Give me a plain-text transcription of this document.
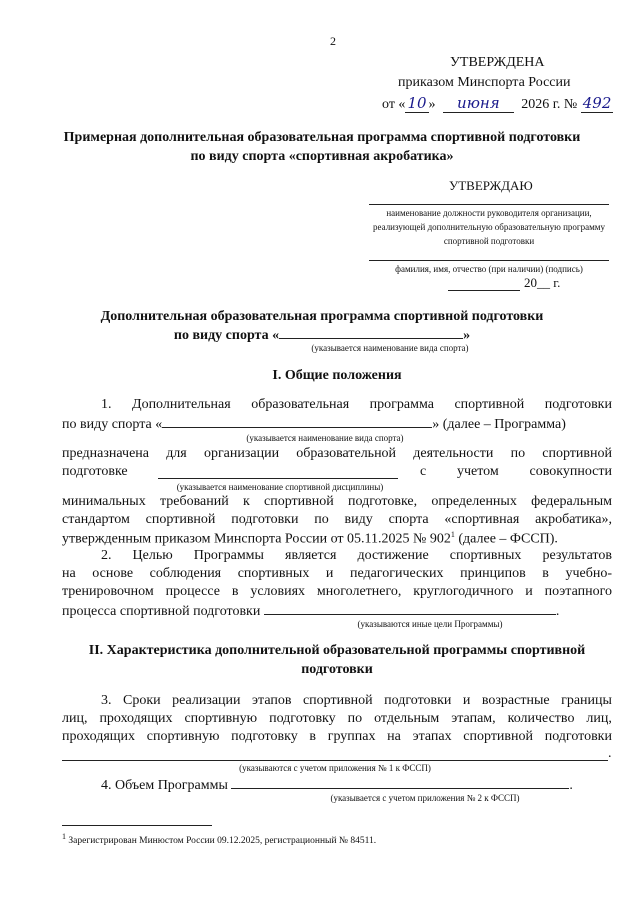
2
УТВЕРЖДЕНА
приказом Минспорта России
от « 10 » июня 2026 г. № 492
Примерная дополнительная образовательная программа спортивной подготовки по виду спорта «спортивная акробатика»
УТВЕРЖДАЮ
наименование должности руководителя организации, реализующей дополнительную образовательную программу спортивной подготовки
фамилия, имя, отчество (при наличии) (подпись)
20__ г.
Дополнительная образовательная программа спортивной подготовки
по виду спорта «	»
(указывается наименование вида спорта)
I. Общие положения
1. Дополнительная образовательная программа спортивной подготовки
по виду спорта «	» (далее – Программа)
(указывается наименование вида спорта)
предназначена для организации образовательной деятельности по спортивной
подготовке	с учетом совокупности
(указывается наименование спортивной дисциплины)
минимальных требований к спортивной подготовке, определенных федеральным
стандартом спортивной подготовки по виду спорта «спортивная акробатика»,
утвержденным приказом Минспорта России от 05.11.2025 № $902^1$ (далее – ФССП).
2. Целью Программы является достижение спортивных результатов
на основе соблюдения спортивных и педагогических принципов в учебно-
тренировочном процессе в условиях многолетнего, круглогодичного и поэтапного
процесса спортивной подготовки	.
(указываются иные цели Программы)
II. Характеристика дополнительной образовательной программы спортивной подготовки
3. Сроки реализации этапов спортивной подготовки и возрастные границы
лиц, проходящих спортивную подготовку по отдельным этапам, количество лиц,
проходящих спортивную подготовку в группах на этапах спортивной подготовки
.
(указываются с учетом приложения № 1 к ФССП)
4. Объем Программы	.
(указывается с учетом приложения № 2 к ФССП)
$^1$ Зарегистрирован Минюстом России 09.12.2025, регистрационный № 84511.
